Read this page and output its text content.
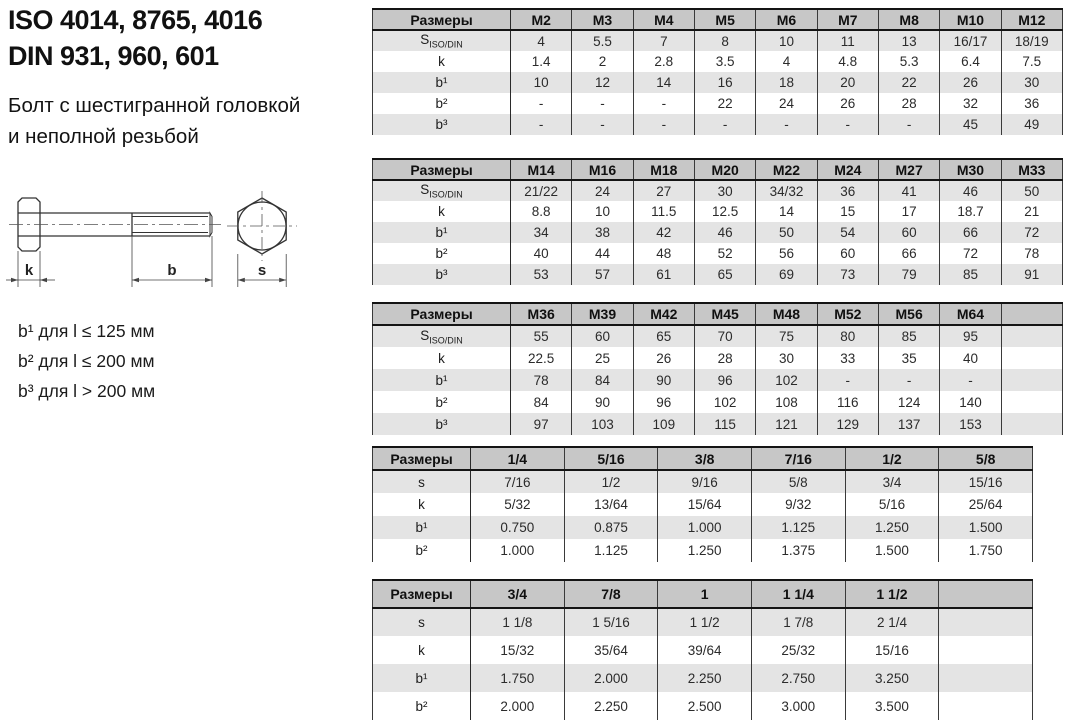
ISO 4014, 8765, 4016
DIN 931, 960, 601
Болт с шестигранной головкой
и неполной резьбой
k	b	s
b¹ для l ≤ 125 мм
b² для l ≤ 200 мм
b³ для l > 200 мм
Размеры	M2	M3	M4	M5	M6	M7	M8	M10	M12
$S_{ISO/DIN}$	4	5.5	7	8	10	11	13	16/17	18/19
k	1.4	2	2.8	3.5	4	4.8	5.3	6.4	7.5
b¹	10	12	14	16	18	20	22	26	30
b²	-	-	-	22	24	26	28	32	36
b³	-	-	-	-	-	-	-	45	49
Размеры	M14	M16	M18	M20	M22	M24	M27	M30	M33
$S_{ISO/DIN}$	21/22	24	27	30	34/32	36	41	46	50
k	8.8	10	11.5	12.5	14	15	17	18.7	21
b¹	34	38	42	46	50	54	60	66	72
b²	40	44	48	52	56	60	66	72	78
b³	53	57	61	65	69	73	79	85	91
Размеры	M36	M39	M42	M45	M48	M52	M56	M64	
$S_{ISO/DIN}$	55	60	65	70	75	80	85	95	
k	22.5	25	26	28	30	33	35	40	
b¹	78	84	90	96	102	-	-	-	
b²	84	90	96	102	108	116	124	140	
b³	97	103	109	115	121	129	137	153	
Размеры	1/4	5/16	3/8	7/16	1/2	5/8
s	7/16	1/2	9/16	5/8	3/4	15/16
k	5/32	13/64	15/64	9/32	5/16	25/64
b¹	0.750	0.875	1.000	1.125	1.250	1.500
b²	1.000	1.125	1.250	1.375	1.500	1.750
Размеры	3/4	7/8	1	1 1/4	1 1/2	
s	1 1/8	1 5/16	1 1/2	1 7/8	2 1/4	
k	15/32	35/64	39/64	25/32	15/16	
b¹	1.750	2.000	2.250	2.750	3.250	
b²	2.000	2.250	2.500	3.000	3.500	
